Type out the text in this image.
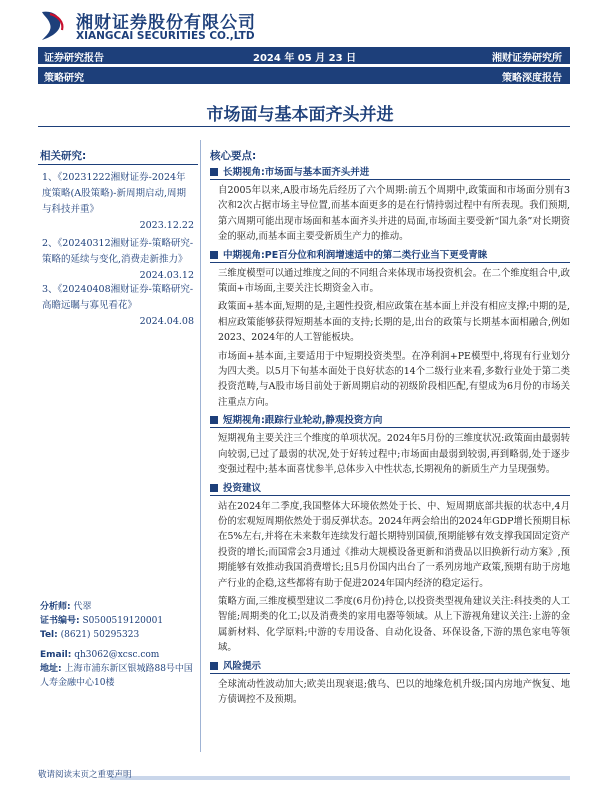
湘财证券股份有限公司
XIANGCAI SECURITIES CO.,LTD
证券研究报告	2024 年 05 月 23 日	湘财证券研究所
策略研究	策略深度报告
市场面与基本面齐头并进
相关研究:
1、《20231222湘财证券-2024年度策略(A股策略)-新周期启动,周期与科技并重》
2023.12.22
2、《20240312湘财证券-策略研究-策略的延续与变化,消费走新推力》
2024.03.12
3、《20240408湘财证券-策略研究-高瞻远瞩与寡见看花》
2024.04.08
分析师: 代翠
证书编号: S0500519120001
Tel: (8621) 50295323
Email: qh3062@xcsc.com
地址: 上海市浦东新区银城路88号中国人寿金融中心10楼
核心要点:
长期视角:市场面与基本面齐头并进
自2005年以来,A股市场先后经历了六个周期:前五个周期中,政策面和市场面分别有3次和2次占据市场主导位置,而基本面更多的是在行情持弱过程中有所表现。我们预期,第六周期可能出现市场面和基本面齐头并进的局面,市场面主要受新“国九条”对长期资金的驱动,而基本面主要受新质生产力的推动。
中期视角:PE百分位和利润增速适中的第二类行业当下更受青睐
三维度模型可以通过维度之间的不同组合来体现市场投资机会。在二个维度组合中,政策面+市场面,主要关注长期资金入市。
政策面+基本面,短期的是,主题性投资,相应政策在基本面上并没有相应支撑;中期的是,相应政策能够获得短期基本面的支持;长期的是,出台的政策与长期基本面相融合,例如2023、2024年的人工智能板块。
市场面+基本面,主要适用于中短期投资类型。在净利润+PE模型中,将现有行业划分为四大类。以5月下旬基本面处于良好状态的14个二级行业来看,多数行业处于第二类投资范畴,与A股市场目前处于新周期启动的初级阶段相匹配,有望成为6月份的市场关注重点方向。
短期视角:跟踪行业轮动,静观投资方向
短期视角主要关注三个维度的单项状况。2024年5月份的三维度状况:政策面由最弱转向较弱,已过了最弱的状况,处于好转过程中;市场面由最弱到较弱,再到略弱,处于逐步变强过程中;基本面喜忧参半,总体步入中性状态,长期视角的新质生产力呈现强势。
投资建议
站在2024年二季度,我国整体大环境依然处于长、中、短周期底部共振的状态中,4月份的宏观短周期依然处于弱反弹状态。2024年两会给出的2024年GDP增长预期目标在5%左右,并将在未来数年连续发行超长期特别国债,预期能够有效支撑我国固定资产投资的增长;而国常会3月通过《推动大规模设备更新和消费品以旧换新行动方案》,预期能够有效推动我国消费增长;且5月份国内出台了一系列房地产政策,预期有助于房地产行业的企稳,这些都将有助于促进2024年国内经济的稳定运行。
策略方面,三维度模型建议二季度(6月份)持仓,以投资类型视角建议关注:科技类的人工智能;周期类的化工;以及消费类的家用电器等领域。从上下游视角建议关注:上游的金属新材料、化学原料;中游的专用设备、自动化设备、环保设备,下游的黑色家电等领域。
风险提示
全球流动性波动加大;欧美出现衰退;俄乌、巴以的地缘危机升级;国内房地产恢复、地方债调控不及预期。
敬请阅读末页之重要声明
